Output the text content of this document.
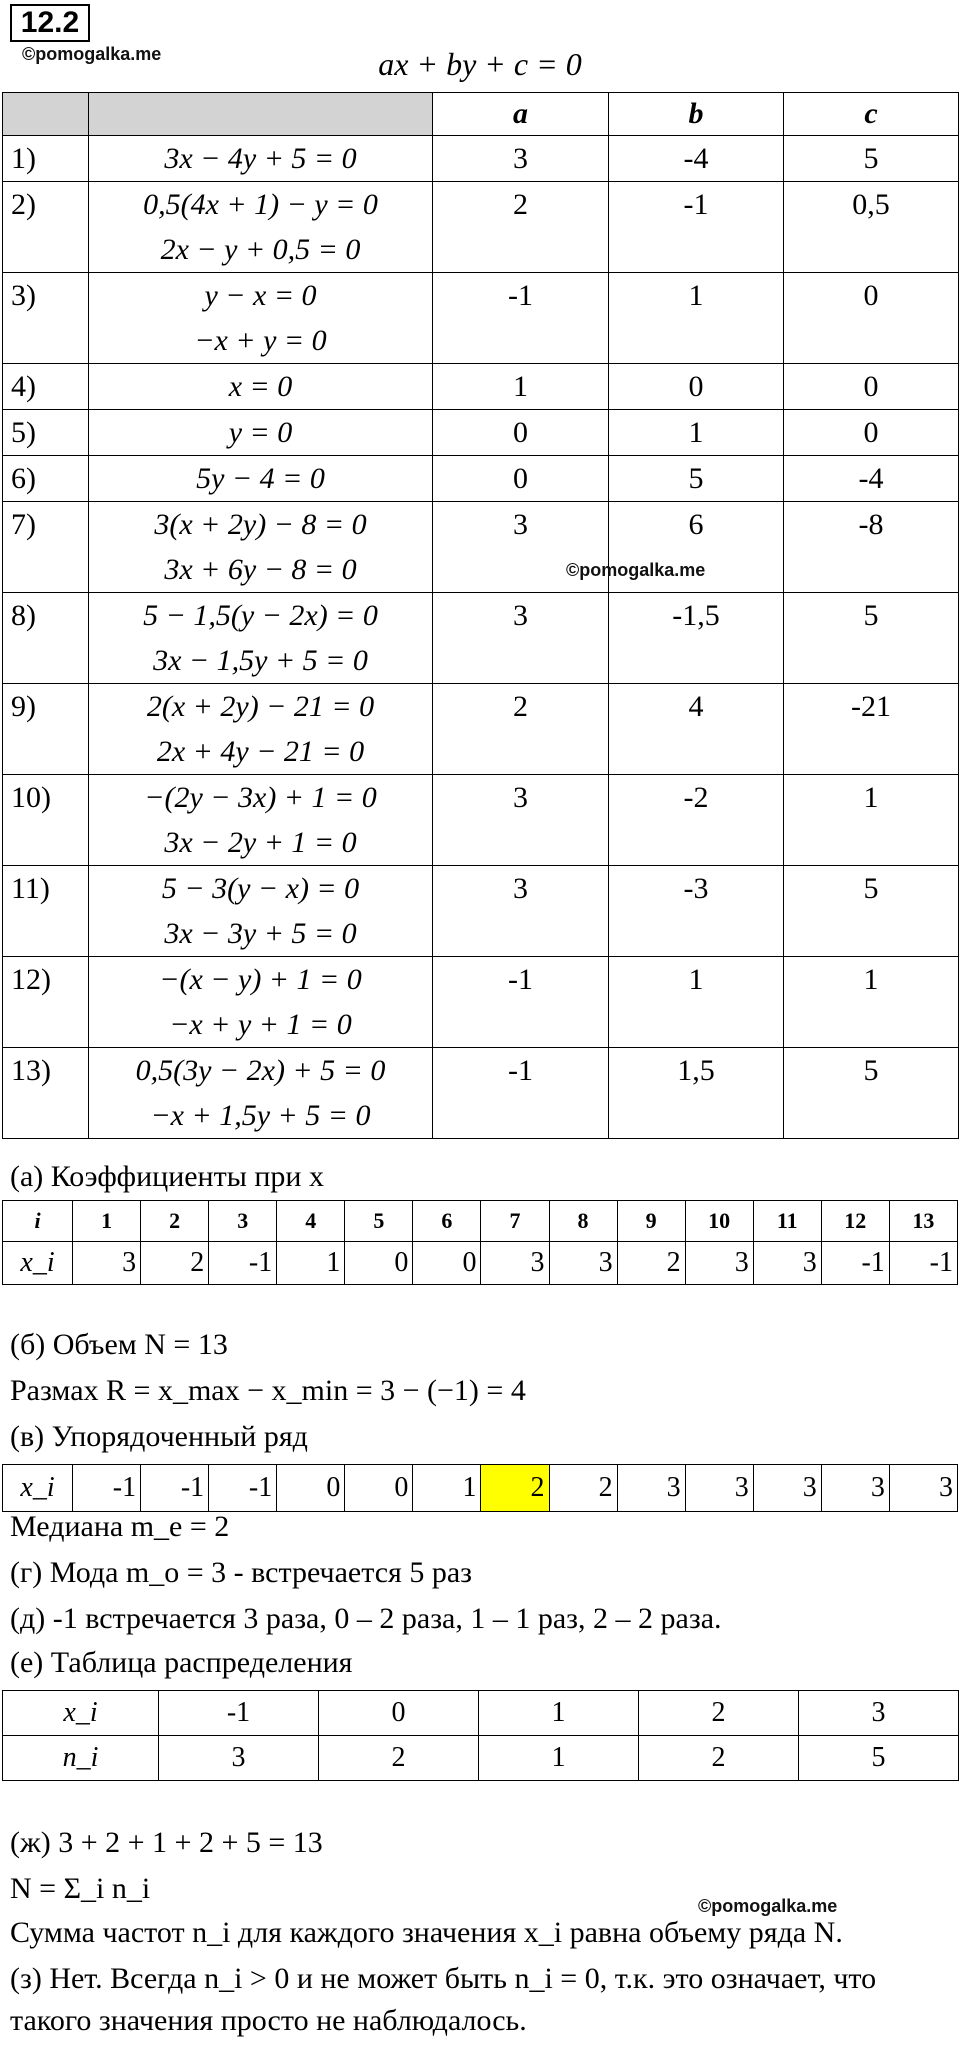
12.2
©pomogalka.me	ax + by + c = 0
		a	b	c
1)	3x − 4y + 5 = 0	3	-4	5
2)	0,5(4x + 1) − y = 0
2x − y + 0,5 = 0	2	-1	0,5
3)	y − x = 0
−x + y = 0	-1	1	0
4)	x = 0	1	0	0
5)	y = 0	0	1	0
6)	5y − 4 = 0	0	5	-4
7)	3(x + 2y) − 8 = 0
3x + 6y − 8 = 0	3	6	-8
8)	5 − 1,5(y − 2x) = 0
3x − 1,5y + 5 = 0	3	-1,5	5
9)	2(x + 2y) − 21 = 0
2x + 4y − 21 = 0	2	4	-21
10)	−(2y − 3x) + 1 = 0
3x − 2y + 1 = 0	3	-2	1
11)	5 − 3(y − x) = 0
3x − 3y + 5 = 0	3	-3	5
12)	−(x − y) + 1 = 0
−x + y + 1 = 0	-1	1	1
13)	0,5(3y − 2x) + 5 = 0
−x + 1,5y + 5 = 0	-1	1,5	5
©pomogalka.me
(а) Коэффициенты при x
i	1	2	3	4	5	6	7	8	9	10	11	12	13
x_i	3	2	-1	1	0	0	3	3	2	3	3	-1	-1
(б) Объем N = 13
Размах R = x_max − x_min = 3 − (−1) = 4
(в) Упорядоченный ряд
x_i	-1	-1	-1	0	0	1	2	2	3	3	3	3	3
Медиана m_e = 2
(г) Мода m_o = 3 - встречается 5 раз
(д) -1 встречается 3 раза, 0 – 2 раза, 1 – 1 раз, 2 – 2 раза.
(е) Таблица распределения
x_i	-1	0	1	2	3
n_i	3	2	1	2	5
(ж) 3 + 2 + 1 + 2 + 5 = 13
N = Σ_i n_i
©pomogalka.me
Сумма частот n_i для каждого значения x_i равна объему ряда N.
(з) Нет. Всегда n_i > 0 и не может быть n_i = 0, т.к. это означает, что
такого значения просто не наблюдалось.
